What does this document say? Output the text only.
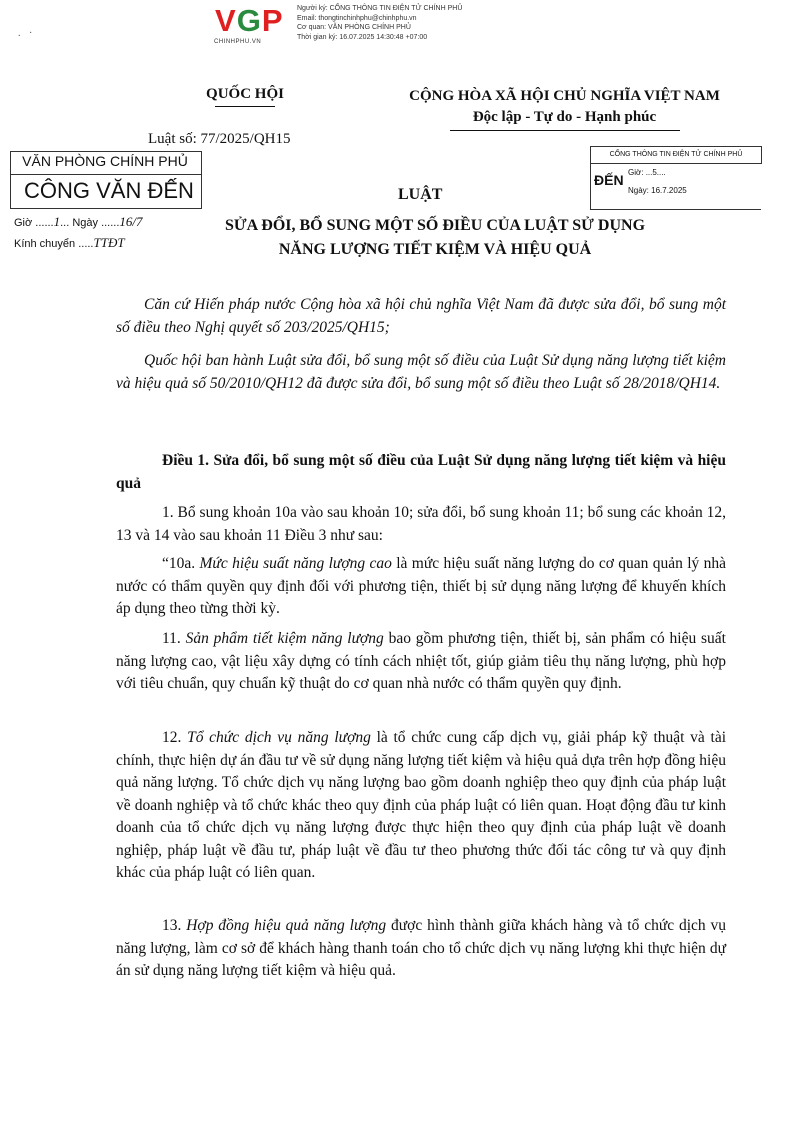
VGP
CHINHPHU.VN
Người ký: CỔNG THÔNG TIN ĐIỆN TỬ CHÍNH PHỦ
Email: thongtinchinhphu@chinhphu.vn
Cơ quan: VĂN PHÒNG CHÍNH PHỦ
Thời gian ký: 16.07.2025 14:30:48 +07:00
. ·
QUỐC HỘI	CỘNG HÒA XÃ HỘI CHỦ NGHĨA VIỆT NAM
Độc lập - Tự do - Hạnh phúc
Luật số: 77/2025/QH15
VĂN PHÒNG CHÍNH PHỦ
CÔNG VĂN ĐẾN
Giờ ......1... Ngày ......16/7
Kính chuyển .....TTĐT
CỔNG THÔNG TIN ĐIỆN TỬ CHÍNH PHỦ
ĐẾN Giờ: ...5....
Ngày: 16.7.2025
LUẬT
SỬA ĐỔI, BỔ SUNG MỘT SỐ ĐIỀU CỦA LUẬT SỬ DỤNG
NĂNG LƯỢNG TIẾT KIỆM VÀ HIỆU QUẢ
Căn cứ Hiến pháp nước Cộng hòa xã hội chủ nghĩa Việt Nam đã được sửa đổi, bổ sung một số điều theo Nghị quyết số 203/2025/QH15;
Quốc hội ban hành Luật sửa đổi, bổ sung một số điều của Luật Sử dụng năng lượng tiết kiệm và hiệu quả số 50/2010/QH12 đã được sửa đổi, bổ sung một số điều theo Luật số 28/2018/QH14.
Điều 1. Sửa đổi, bổ sung một số điều của Luật Sử dụng năng lượng tiết kiệm và hiệu quả
1. Bổ sung khoản 10a vào sau khoản 10; sửa đổi, bổ sung khoản 11; bổ sung các khoản 12, 13 và 14 vào sau khoản 11 Điều 3 như sau:
“10a. Mức hiệu suất năng lượng cao là mức hiệu suất năng lượng do cơ quan quản lý nhà nước có thẩm quyền quy định đối với phương tiện, thiết bị sử dụng năng lượng để khuyến khích áp dụng theo từng thời kỳ.
11. Sản phẩm tiết kiệm năng lượng bao gồm phương tiện, thiết bị, sản phẩm có hiệu suất năng lượng cao, vật liệu xây dựng có tính cách nhiệt tốt, giúp giảm tiêu thụ năng lượng, phù hợp với tiêu chuẩn, quy chuẩn kỹ thuật do cơ quan nhà nước có thẩm quyền quy định.
12. Tổ chức dịch vụ năng lượng là tổ chức cung cấp dịch vụ, giải pháp kỹ thuật và tài chính, thực hiện dự án đầu tư về sử dụng năng lượng tiết kiệm và hiệu quả dựa trên hợp đồng hiệu quả năng lượng. Tổ chức dịch vụ năng lượng bao gồm doanh nghiệp theo quy định của pháp luật về doanh nghiệp và tổ chức khác theo quy định của pháp luật có liên quan. Hoạt động đầu tư kinh doanh của tổ chức dịch vụ năng lượng được thực hiện theo quy định của pháp luật về doanh nghiệp, pháp luật về đầu tư, pháp luật về đầu tư theo phương thức đối tác công tư và quy định khác của pháp luật có liên quan.
13. Hợp đồng hiệu quả năng lượng được hình thành giữa khách hàng và tổ chức dịch vụ năng lượng, làm cơ sở để khách hàng thanh toán cho tổ chức dịch vụ năng lượng khi thực hiện dự án sử dụng năng lượng tiết kiệm và hiệu quả.
